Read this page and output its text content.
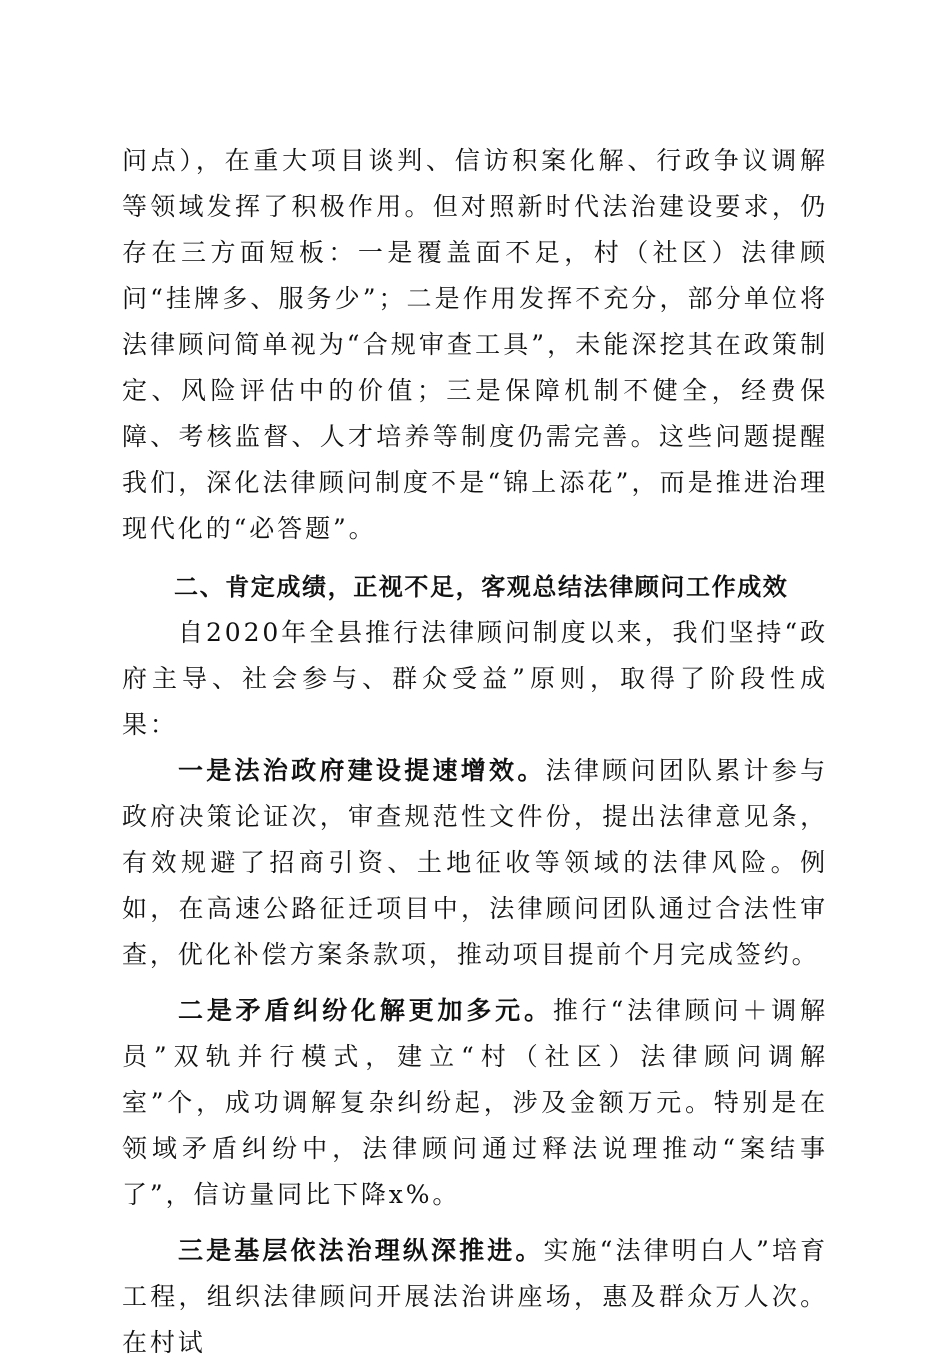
问点），在重大项目谈判、信访积案化解、行政争议调解等领域发挥了积极作用。但对照新时代法治建设要求，仍存在三方面短板：一是覆盖面不足，村（社区）法律顾问“挂牌多、服务少”；二是作用发挥不充分，部分单位将法律顾问简单视为“合规审查工具”，未能深挖其在政策制定、风险评估中的价值；三是保障机制不健全，经费保障、考核监督、人才培养等制度仍需完善。这些问题提醒我们，深化法律顾问制度不是“锦上添花”，而是推进治理现代化的“必答题”。

二、肯定成绩，正视不足，客观总结法律顾问工作成效

自2020年全县推行法律顾问制度以来，我们坚持“政府主导、社会参与、群众受益”原则，取得了阶段性成果：

一是法治政府建设提速增效。法律顾问团队累计参与政府决策论证次，审查规范性文件份，提出法律意见条，有效规避了招商引资、土地征收等领域的法律风险。例如，在高速公路征迁项目中，法律顾问团队通过合法性审查，优化补偿方案条款项，推动项目提前个月完成签约。

二是矛盾纠纷化解更加多元。推行“法律顾问＋调解员”双轨并行模式，建立“村（社区）法律顾问调解室”个，成功调解复杂纠纷起，涉及金额万元。特别是在领域矛盾纠纷中，法律顾问通过释法说理推动“案结事了”，信访量同比下降x%。

三是基层依法治理纵深推进。实施“法律明白人”培育工程，组织法律顾问开展法治讲座场，惠及群众万人次。在村试
